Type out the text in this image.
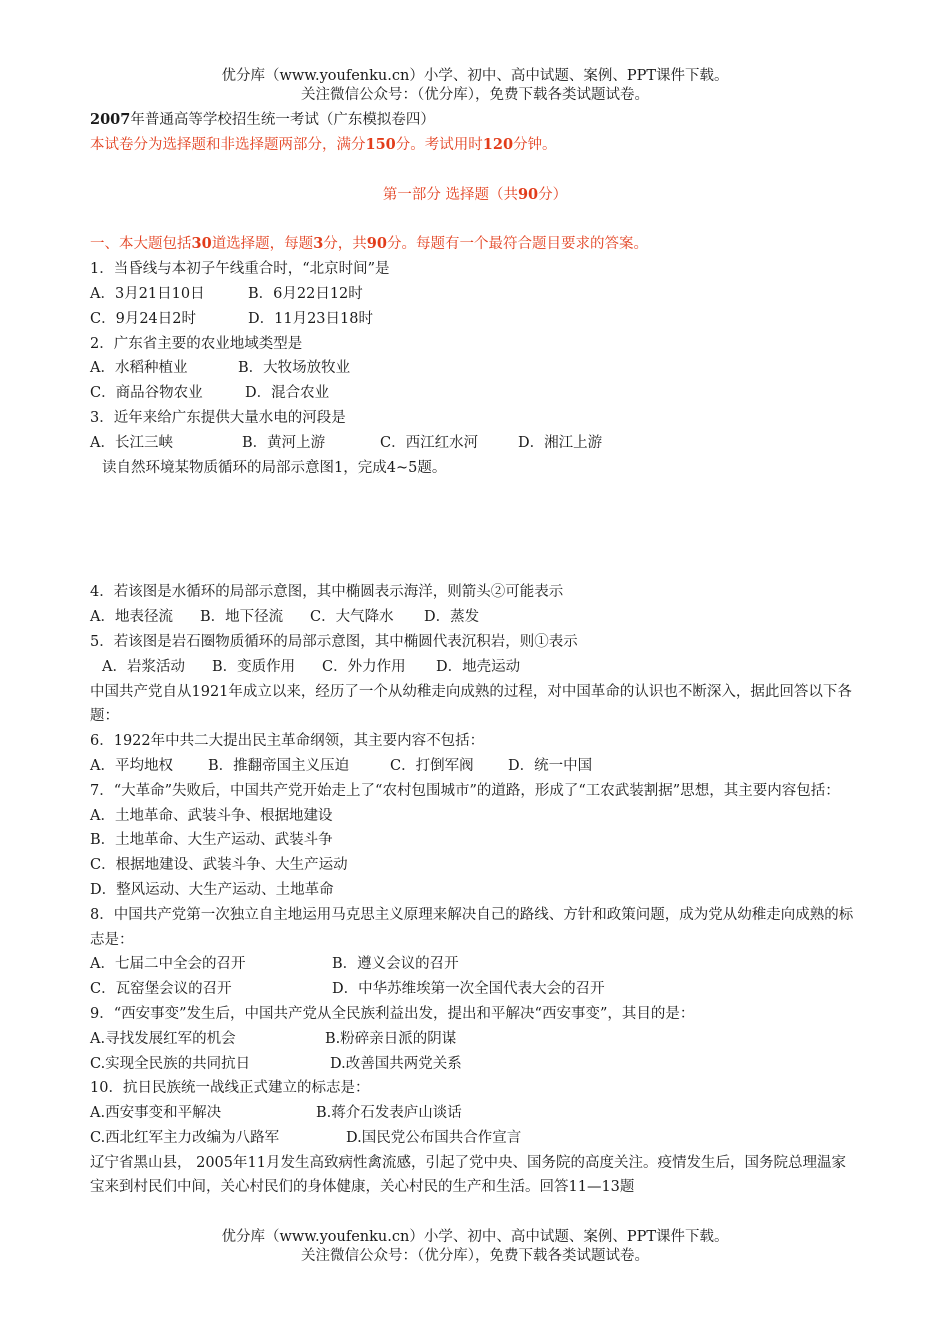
优分库（www.youfenku.cn）小学、初中、高中试题、案例、PPT课件下载。
关注微信公众号：（优分库），免费下载各类试题试卷。
2007年普通高等学校招生统一考试（广东模拟卷四）
本试卷分为选择题和非选择题两部分，满分150分。考试用时120分钟。
第一部分 选择题（共90分）
一、本大题包括30道选择题，每题3分，共90分。每题有一个最符合题目要求的答案。
1．当昏线与本初子午线重合时，“北京时间”是
A．3月21日10日	B．6月22日12时
C．9月24日2时	D．11月23日18时
2．广东省主要的农业地域类型是
A．水稻种植业	B．大牧场放牧业
C．商品谷物农业	D．混合农业
3．近年来给广东提供大量水电的河段是
A．长江三峡	B．黄河上游	C．西江红水河	D．湘江上游
读自然环境某物质循环的局部示意图1，完成4~5题。
4．若该图是水循环的局部示意图，其中椭圆表示海洋，则箭头②可能表示
A．地表径流 B．地下径流 C．大气降水 D．蒸发
5．若该图是岩石圈物质循环的局部示意图，其中椭圆代表沉积岩，则①表示
A．岩浆活动 B．变质作用 C．外力作用 D．地壳运动
中国共产党自从1921年成立以来，经历了一个从幼稚走向成熟的过程，对中国革命的认识也不断深入，据此回答以下各题：
6．1922年中共二大提出民主革命纲领，其主要内容不包括：
A．平均地权 B．推翻帝国主义压迫	C．打倒军阀 D．统一中国
7．“大革命”失败后，中国共产党开始走上了“农村包围城市”的道路，形成了“工农武装割据”思想，其主要内容包括：
A．土地革命、武装斗争、根据地建设
B．土地革命、大生产运动、武装斗争
C．根据地建设、武装斗争、大生产运动
D．整风运动、大生产运动、土地革命
8．中国共产党第一次独立自主地运用马克思主义原理来解决自己的路线、方针和政策问题，成为党从幼稚走向成熟的标志是：
A．七届二中全会的召开	B．遵义会议的召开
C．瓦窑堡会议的召开	D．中华苏维埃第一次全国代表大会的召开
9．“西安事变”发生后，中国共产党从全民族利益出发，提出和平解决“西安事变”，其目的是：
A.寻找发展红军的机会	B.粉碎亲日派的阴谋
C.实现全民族的共同抗日	D.改善国共两党关系
10．抗日民族统一战线正式建立的标志是：
A.西安事变和平解决	B.蒋介石发表庐山谈话
C.西北红军主力改编为八路军	D.国民党公布国共合作宣言
辽宁省黑山县， 2005年11月发生高致病性禽流感，引起了党中央、国务院的高度关注。疫情发生后，国务院总理温家宝来到村民们中间，关心村民们的身体健康，关心村民的生产和生活。回答11—13题
优分库（www.youfenku.cn）小学、初中、高中试题、案例、PPT课件下载。
关注微信公众号：（优分库），免费下载各类试题试卷。
